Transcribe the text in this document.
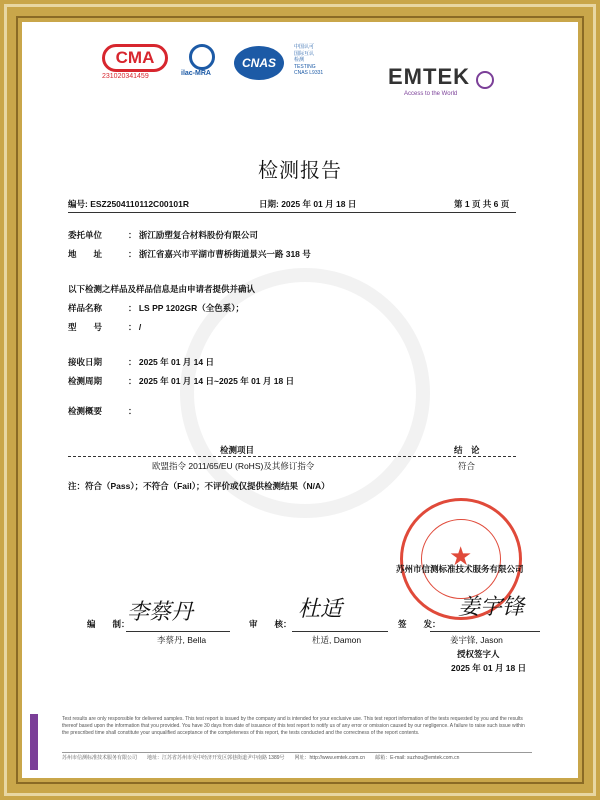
CMA
231020341459	ilac-MRA
CNAS
中国认可
国际互认
检测
TESTING
CNAS L9331	EMTEK
Access to the World
检测报告
编号: ESZ2504110112C00101R	日期: 2025 年 01 月 18 日	第 1 页 共 6 页
委托单位	： 浙江励塑复合材料股份有限公司
地　　址	： 浙江省嘉兴市平湖市曹桥街道景兴一路 318 号
以下检测之样品及样品信息是由申请者提供并确认
样品名称	： LS PP 1202GR（全色系）；
型　　号	： /
接收日期	： 2025 年 01 月 14 日
检测周期	： 2025 年 01 月 14 日~2025 年 01 月 18 日
检测概要	：
检测项目	结　论
欧盟指令 2011/65/EU (RoHS)及其修订指令	符合
注：符合（Pass）；不符合（Fail）；不评价或仅提供检测结果（N/A）
★
苏州市信测标准技术服务有限公司
编　　制：
李蔡丹
李蔡丹, Bella
审　　核：
杜适
杜适, Damon
签　　发：
姜宇锋
姜宇锋, Jason
授权签字人
2025 年 01 月 18 日
Test results are only responsible for delivered samples. This test report is issued by the company and is intended for your exclusive use. This test report information of the tests requested by you and the results thereof based upon the information that you provided. You have 30 days from date of issuance of this test report to notify us of any error or omission caused by our negligence. A failure to raise such issue within the prescribed time shall constitute your unqualified acceptance of the completeness of this report, the tests conducted and the correctness of the report contents.
苏州市信测标准技术服务有限公司　　地址：江苏省苏州市吴中经济开发区郭巷街道尹中南路 1389号　　网址：http://www.emtek.com.cn　　邮箱：E-mail: suzhou@emtek.com.cn
